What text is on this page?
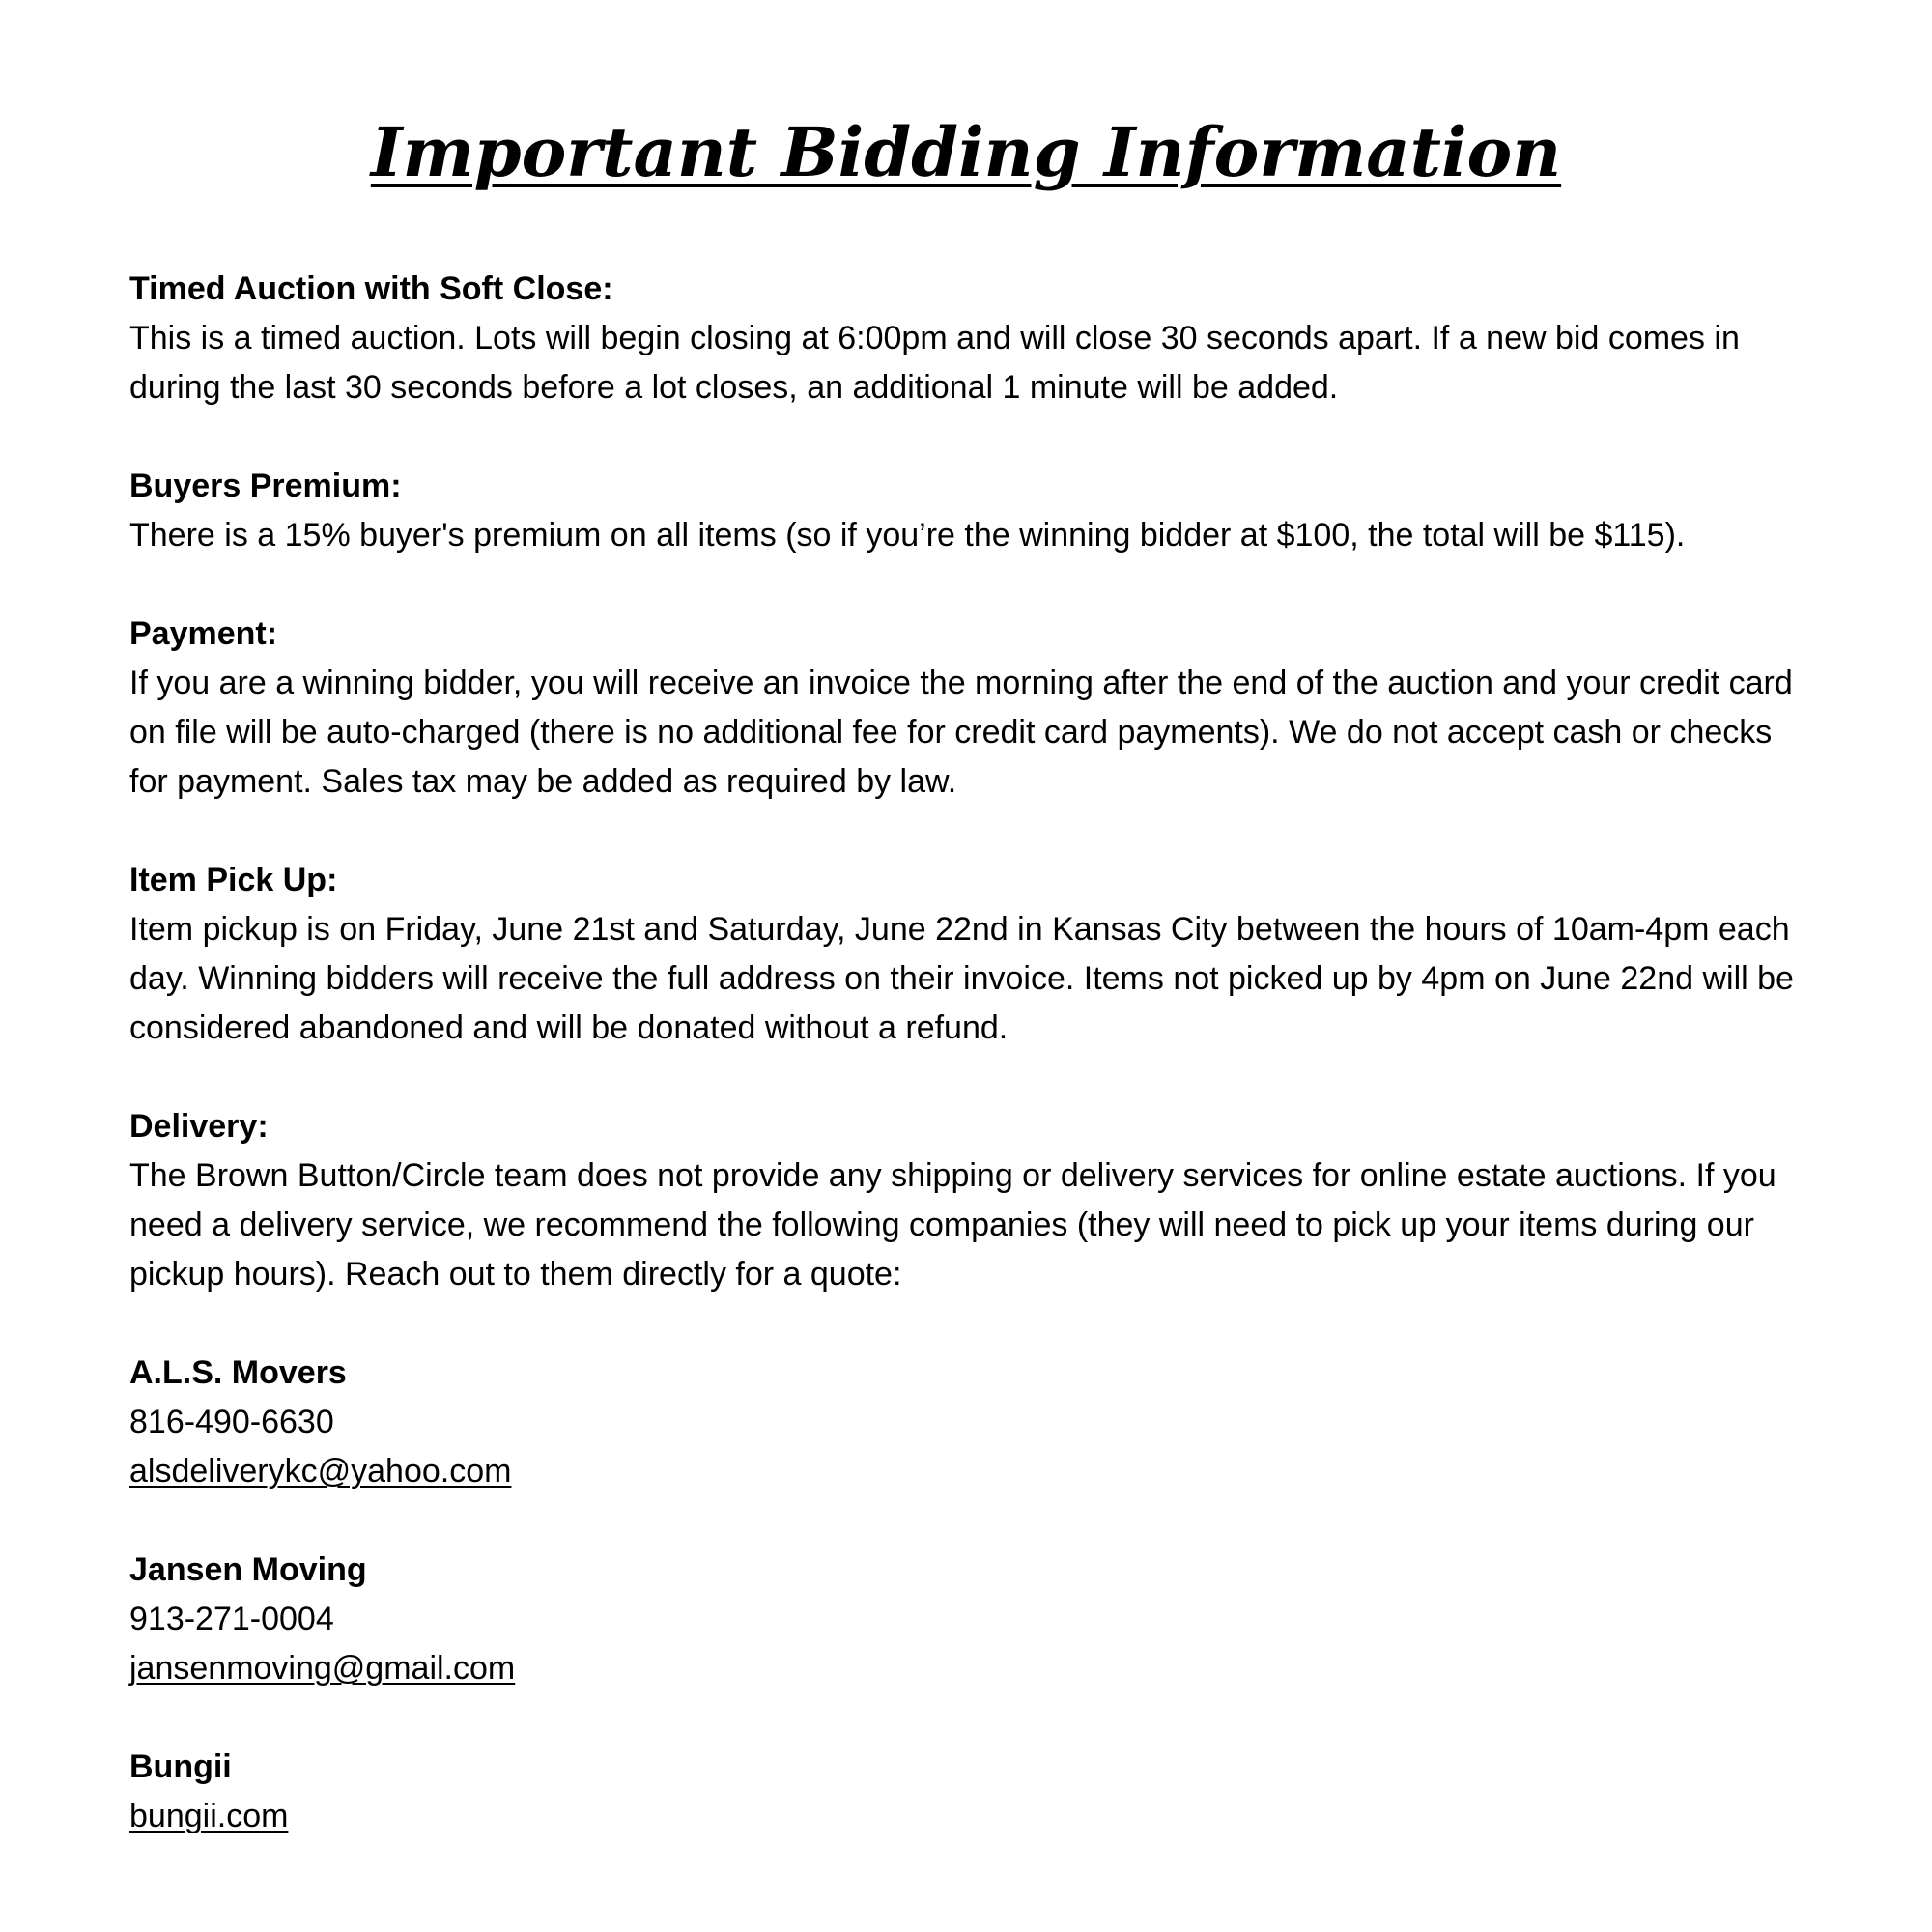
Important Bidding Information
Timed Auction with Soft Close:
This is a timed auction. Lots will begin closing at 6:00pm and will close 30 seconds apart. If a new bid comes in during the last 30 seconds before a lot closes, an additional 1 minute will be added.
Buyers Premium:
There is a 15% buyer's premium on all items (so if you’re the winning bidder at $100, the total will be $115).
Payment:
If you are a winning bidder, you will receive an invoice the morning after the end of the auction and your credit card on file will be auto-charged (there is no additional fee for credit card payments). We do not accept cash or checks for payment. Sales tax may be added as required by law.
Item Pick Up:
Item pickup is on Friday, June 21st and Saturday, June 22nd in Kansas City between the hours of 10am-4pm each day. Winning bidders will receive the full address on their invoice. Items not picked up by 4pm on June 22nd will be considered abandoned and will be donated without a refund.
Delivery:
The Brown Button/Circle team does not provide any shipping or delivery services for online estate auctions. If you need a delivery service, we recommend the following companies (they will need to pick up your items during our pickup hours). Reach out to them directly for a quote:
A.L.S. Movers
816-490-6630
alsdeliverykc@yahoo.com
Jansen Moving
913-271-0004
jansenmoving@gmail.com
Bungii
bungii.com
